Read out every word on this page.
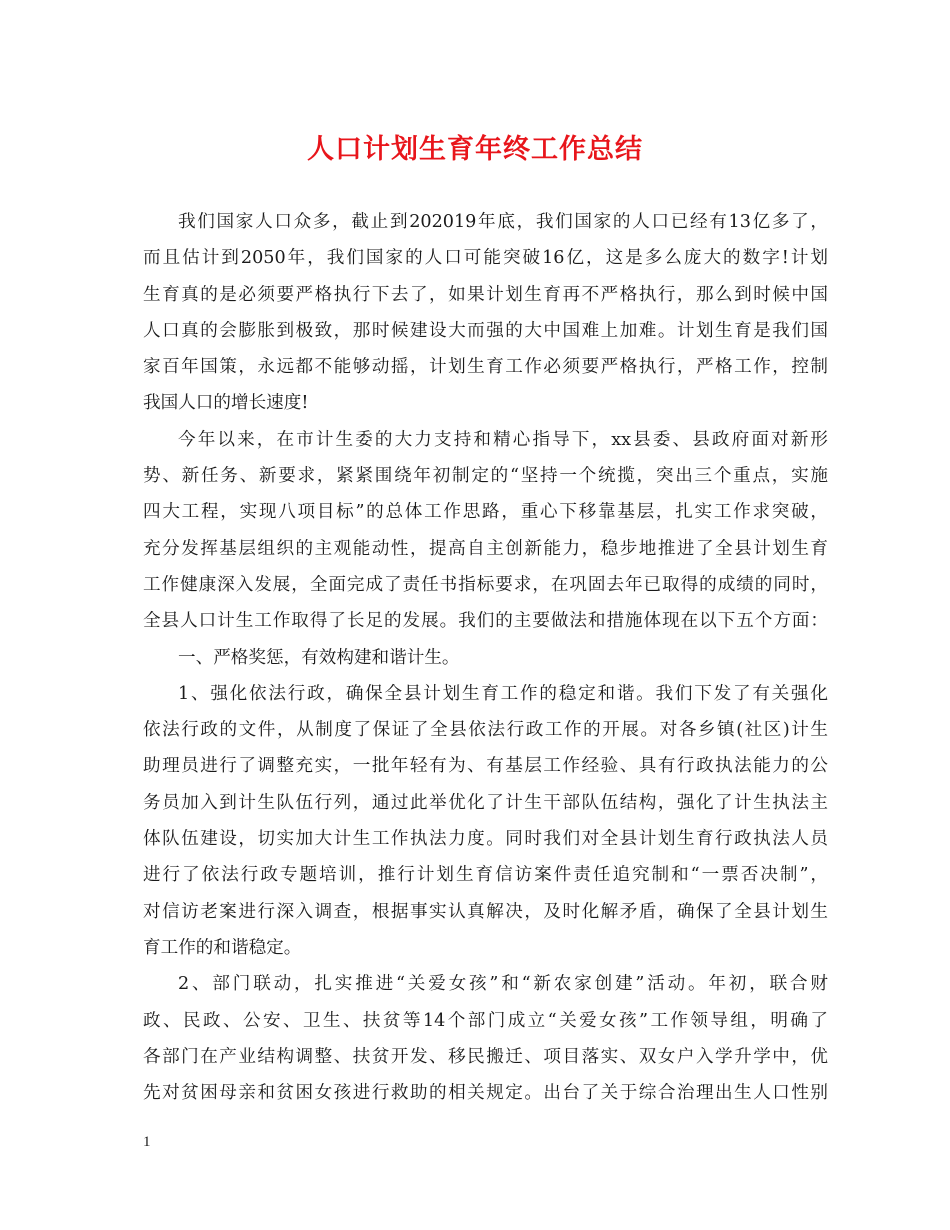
人口计划生育年终工作总结
我们国家人口众多，截止到202019年底，我们国家的人口已经有13亿多了，
而且估计到2050年，我们国家的人口可能突破16亿，这是多么庞大的数字!计划
生育真的是必须要严格执行下去了，如果计划生育再不严格执行，那么到时候中国
人口真的会膨胀到极致，那时候建设大而强的大中国难上加难。计划生育是我们国
家百年国策，永远都不能够动摇，计划生育工作必须要严格执行，严格工作，控制
我国人口的增长速度!
今年以来，在市计生委的大力支持和精心指导下，xx县委、县政府面对新形
势、新任务、新要求，紧紧围绕年初制定的“坚持一个统揽，突出三个重点，实施
四大工程，实现八项目标”的总体工作思路，重心下移靠基层，扎实工作求突破，
充分发挥基层组织的主观能动性，提高自主创新能力，稳步地推进了全县计划生育
工作健康深入发展，全面完成了责任书指标要求，在巩固去年已取得的成绩的同时，
全县人口计生工作取得了长足的发展。我们的主要做法和措施体现在以下五个方面：
一、严格奖惩，有效构建和谐计生。
1、强化依法行政，确保全县计划生育工作的稳定和谐。我们下发了有关强化
依法行政的文件，从制度了保证了全县依法行政工作的开展。对各乡镇(社区)计生
助理员进行了调整充实，一批年轻有为、有基层工作经验、具有行政执法能力的公
务员加入到计生队伍行列，通过此举优化了计生干部队伍结构，强化了计生执法主
体队伍建设，切实加大计生工作执法力度。同时我们对全县计划生育行政执法人员
进行了依法行政专题培训，推行计划生育信访案件责任追究制和“一票否决制”，
对信访老案进行深入调查，根据事实认真解决，及时化解矛盾，确保了全县计划生
育工作的和谐稳定。
2、部门联动，扎实推进“关爱女孩”和“新农家创建”活动。年初，联合财
政、民政、公安、卫生、扶贫等14个部门成立“关爱女孩”工作领导组，明确了
各部门在产业结构调整、扶贫开发、移民搬迁、项目落实、双女户入学升学中，优
先对贫困母亲和贫困女孩进行救助的相关规定。出台了关于综合治理出生人口性别
1
